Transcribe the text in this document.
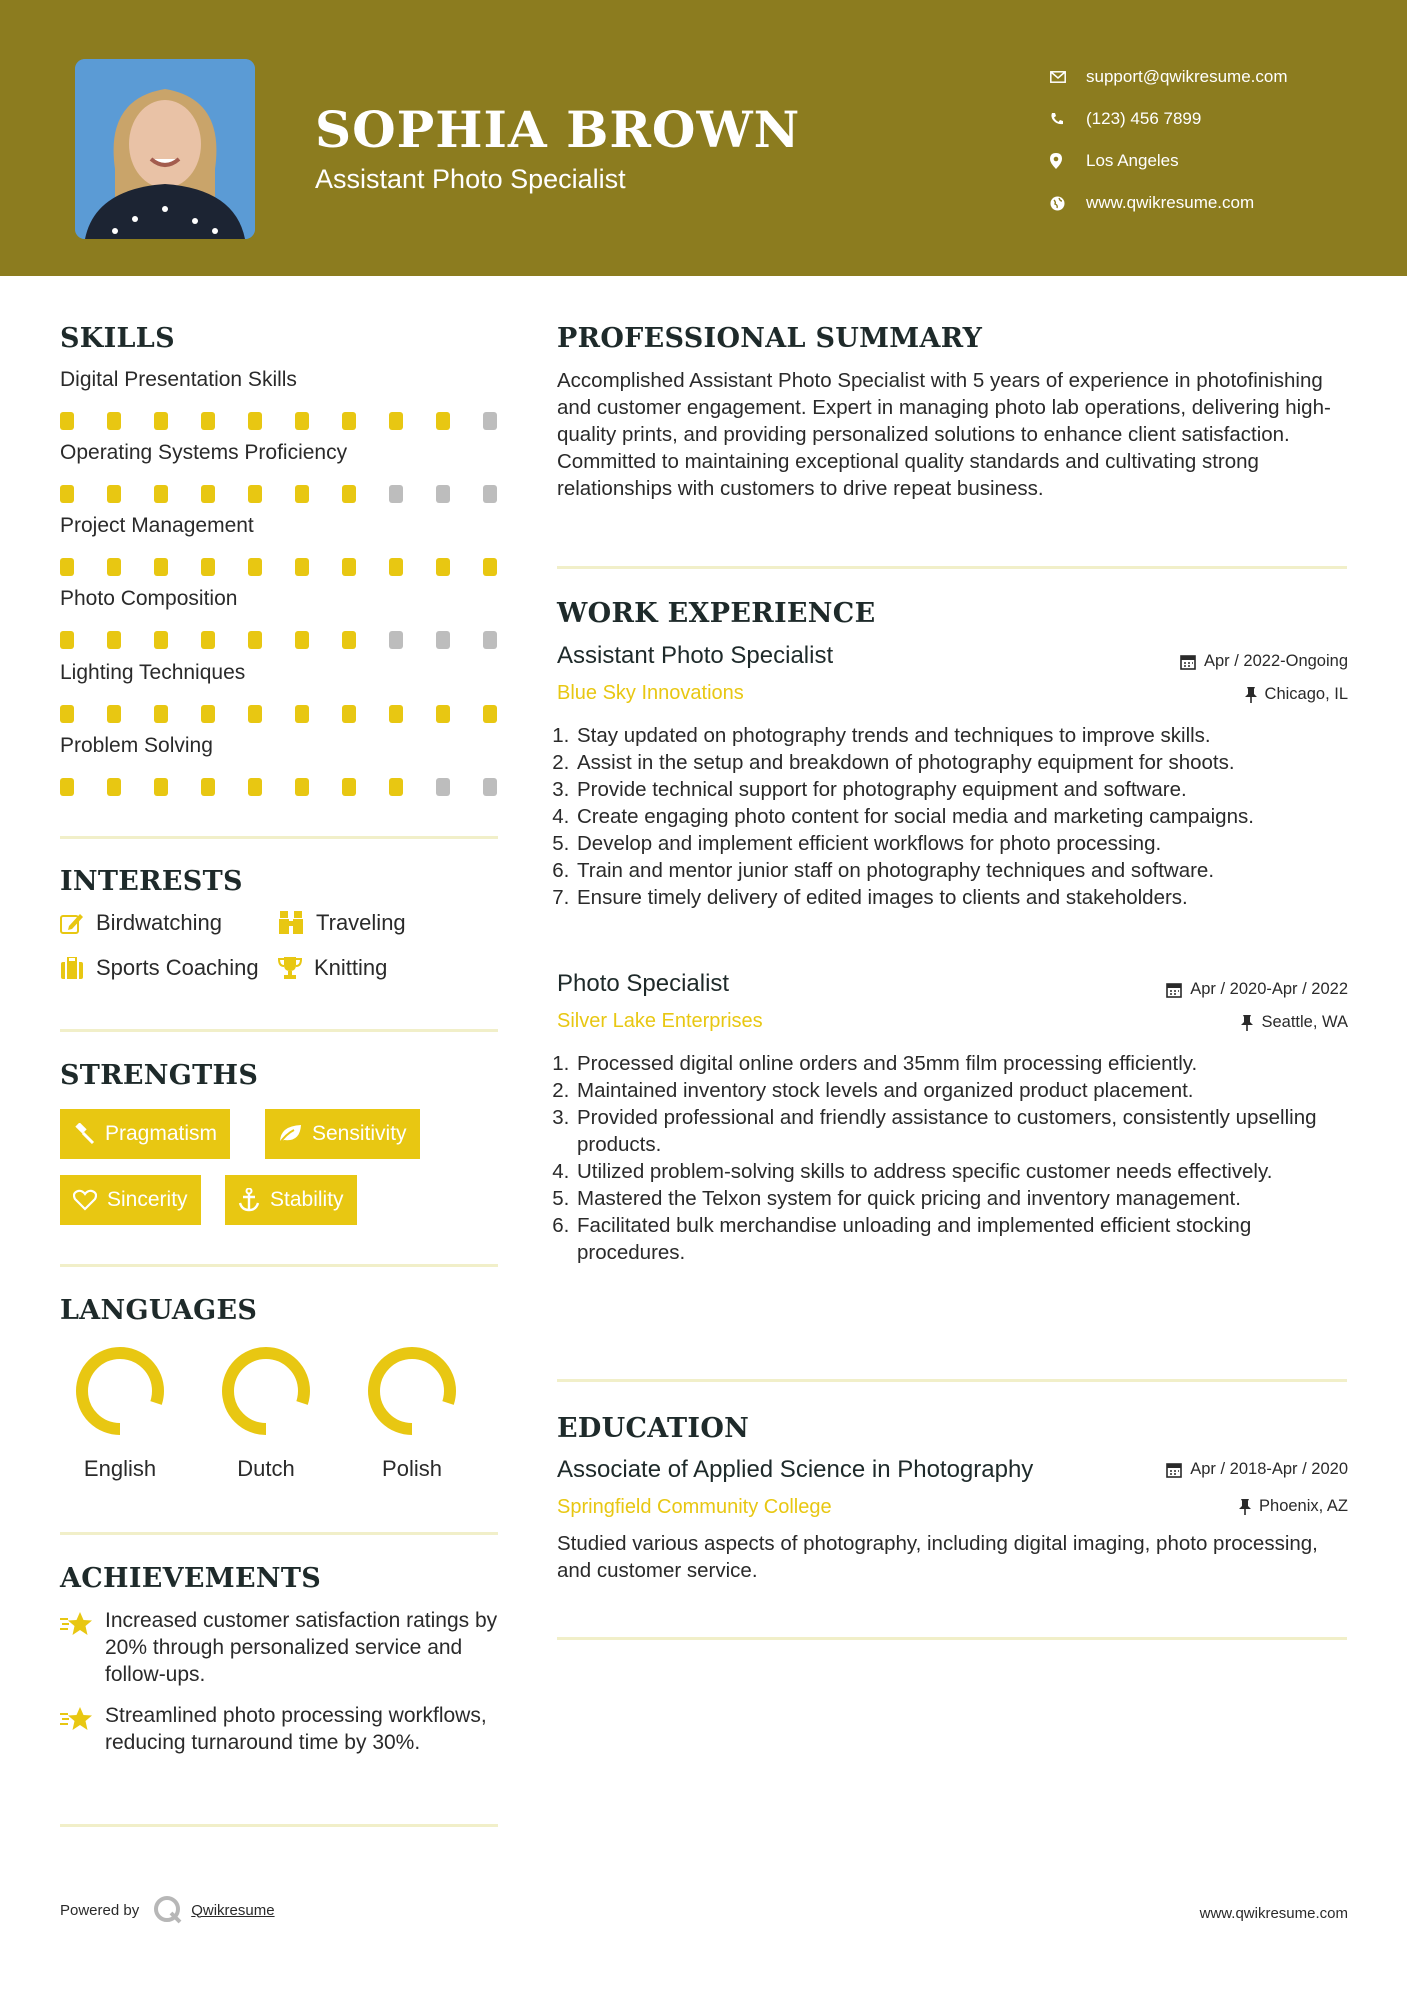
SOPHIA BROWN
Assistant Photo Specialist
support@qwikresume.com
(123) 456 7899
Los Angeles
www.qwikresume.com
SKILLS
Digital Presentation Skills
Operating Systems Proficiency
Project Management
Photo Composition
Lighting Techniques
Problem Solving
INTERESTS
Birdwatching	Traveling
Sports Coaching	Knitting
STRENGTHS
Pragmatism	Sensitivity
Sincerity	Stability
LANGUAGES
English	Dutch	Polish
ACHIEVEMENTS
Increased customer satisfaction ratings by 20% through personalized service and follow-ups.
Streamlined photo processing workflows, reducing turnaround time by 30%.
PROFESSIONAL SUMMARY
Accomplished Assistant Photo Specialist with 5 years of experience in photofinishing and customer engagement. Expert in managing photo lab operations, delivering high-quality prints, and providing personalized solutions to enhance client satisfaction. Committed to maintaining exceptional quality standards and cultivating strong relationships with customers to drive repeat business.
WORK EXPERIENCE
Assistant Photo Specialist	Apr / 2022-Ongoing
Blue Sky Innovations	Chicago, IL
1. Stay updated on photography trends and techniques to improve skills.
2. Assist in the setup and breakdown of photography equipment for shoots.
3. Provide technical support for photography equipment and software.
4. Create engaging photo content for social media and marketing campaigns.
5. Develop and implement efficient workflows for photo processing.
6. Train and mentor junior staff on photography techniques and software.
7. Ensure timely delivery of edited images to clients and stakeholders.
Photo Specialist	Apr / 2020-Apr / 2022
Silver Lake Enterprises	Seattle, WA
1. Processed digital online orders and 35mm film processing efficiently.
2. Maintained inventory stock levels and organized product placement.
3. Provided professional and friendly assistance to customers, consistently upselling products.
4. Utilized problem-solving skills to address specific customer needs effectively.
5. Mastered the Telxon system for quick pricing and inventory management.
6. Facilitated bulk merchandise unloading and implemented efficient stocking procedures.
EDUCATION
Associate of Applied Science in Photography	Apr / 2018-Apr / 2020
Springfield Community College	Phoenix, AZ
Studied various aspects of photography, including digital imaging, photo processing, and customer service.
Powered by	Qwikresume	www.qwikresume.com
